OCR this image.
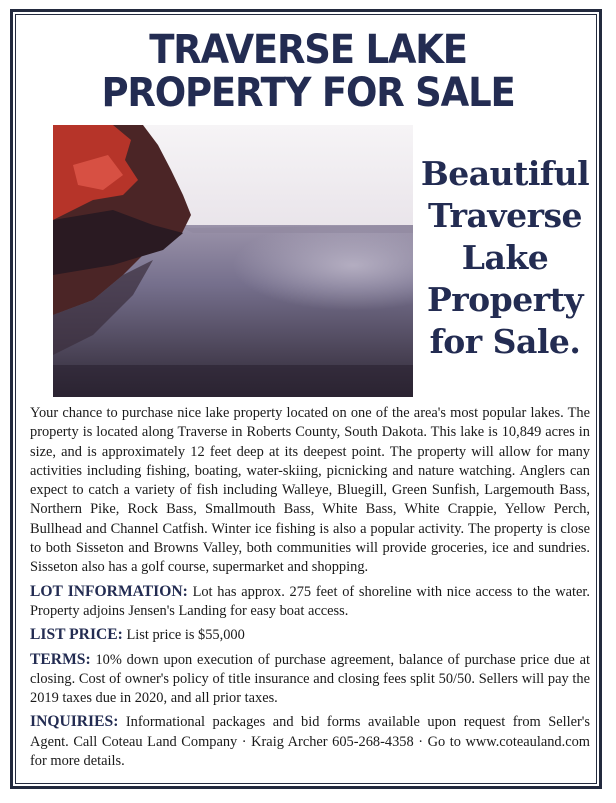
TRAVERSE LAKE
PROPERTY FOR SALE
Beautiful
Traverse
Lake
Property
for Sale.

Your chance to purchase nice lake property located on one of the area's most popular lakes. The property is located along Traverse in Roberts County, South Dakota. This lake is 10,849 acres in size, and is approximately 12 feet deep at its deepest point. The property will allow for many activities including fishing, boating, water-skiing, picnicking and nature watching. Anglers can expect to catch a variety of fish including Walleye, Bluegill, Green Sunfish, Largemouth Bass, Northern Pike, Rock Bass, Smallmouth Bass, White Bass, White Crappie, Yellow Perch, Bullhead and Channel Catfish. Winter ice fishing is also a popular activity. The property is close to both Sisseton and Browns Valley, both communities will provide groceries, ice and sundries. Sisseton also has a golf course, supermarket and shopping.

LOT INFORMATION: Lot has approx. 275 feet of shoreline with nice access to the water. Property adjoins Jensen's Landing for easy boat access.

LIST PRICE: List price is $55,000

TERMS: 10% down upon execution of purchase agreement, balance of purchase price due at closing. Cost of owner's policy of title insurance and closing fees split 50/50. Sellers will pay the 2019 taxes due in 2020, and all prior taxes.

INQUIRIES: Informational packages and bid forms available upon request from Seller's Agent. Call Coteau Land Company · Kraig Archer 605-268-4358 · Go to www.coteauland.com for more details.
